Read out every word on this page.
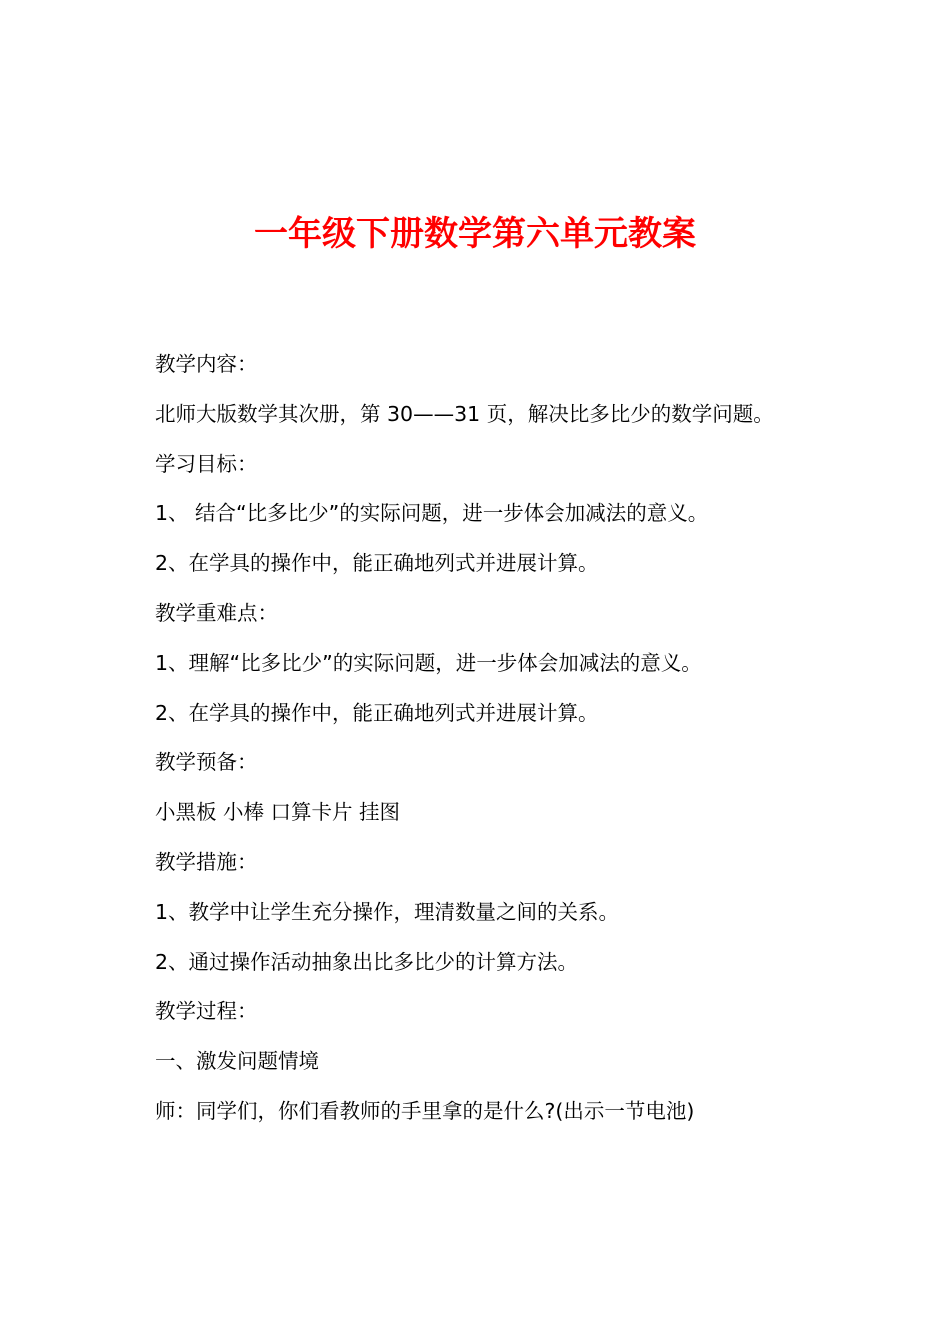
一年级下册数学第六单元教案

教学内容：

北师大版数学其次册，第 30——31 页，解决比多比少的数学问题。

学习目标：

1、 结合“比多比少”的实际问题，进一步体会加减法的意义。

2、在学具的操作中，能正确地列式并进展计算。

教学重难点：

1、理解“比多比少”的实际问题，进一步体会加减法的意义。

2、在学具的操作中，能正确地列式并进展计算。

教学预备：

小黑板 小棒 口算卡片 挂图

教学措施：

1、教学中让学生充分操作，理清数量之间的关系。

2、通过操作活动抽象出比多比少的计算方法。

教学过程：

一、激发问题情境

师：同学们，你们看教师的手里拿的是什么?(出示一节电池)
